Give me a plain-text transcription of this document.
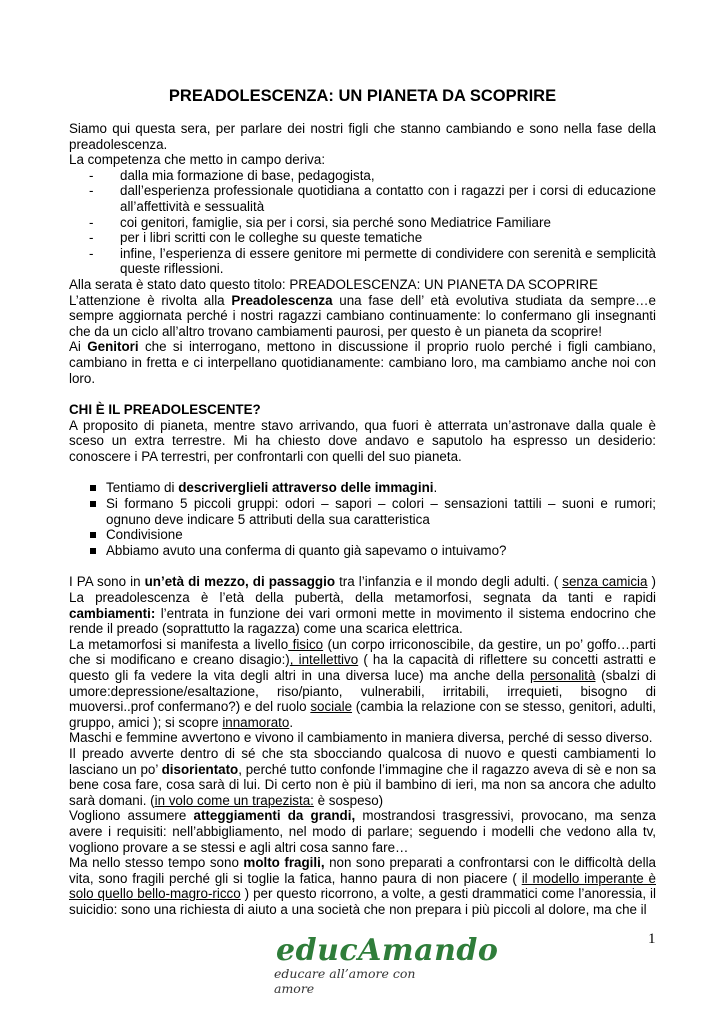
PREADOLESCENZA: UN PIANETA DA SCOPRIRE

Siamo qui questa sera, per parlare dei nostri figli che stanno cambiando e sono nella fase della preadolescenza.

La competenza che metto in campo deriva:

- dalla mia formazione di base, pedagogista,
- dall’esperienza professionale quotidiana a contatto con i ragazzi per i corsi di educazione all’affettività e sessualità
- coi genitori, famiglie, sia per i corsi, sia perché sono Mediatrice Familiare
- per i libri scritti con le colleghe su queste tematiche
- infine, l’esperienza di essere genitore mi permette di condividere con serenità e semplicità queste riflessioni.

Alla serata è stato dato questo titolo: PREADOLESCENZA: UN PIANETA DA SCOPRIRE

L’attenzione è rivolta alla Preadolescenza una fase dell’ età evolutiva studiata da sempre…e sempre aggiornata perché i nostri ragazzi cambiano continuamente: lo confermano gli insegnanti che da un ciclo all’altro trovano cambiamenti paurosi, per questo è un pianeta da scoprire!

Ai Genitori che si interrogano, mettono in discussione il proprio ruolo perché i figli cambiano, cambiano in fretta e ci interpellano quotidianamente: cambiano loro, ma cambiamo anche noi con loro.

CHI È IL PREADOLESCENTE?

A proposito di pianeta, mentre stavo arrivando, qua fuori è atterrata un’astronave dalla quale è sceso un extra terrestre. Mi ha chiesto dove andavo e saputolo ha espresso un desiderio: conoscere i PA terrestri, per confrontarli con quelli del suo pianeta.

Tentiamo di descriverglieli attraverso delle immagini.
Si formano 5 piccoli gruppi: odori – sapori – colori – sensazioni tattili – suoni e rumori; ognuno deve indicare 5 attributi della sua caratteristica
Condivisione
Abbiamo avuto una conferma di quanto già sapevamo o intuivamo?

I PA sono in un’età di mezzo, di passaggio tra l’infanzia e il mondo degli adulti. ( senza camicia ) La preadolescenza è l’età della pubertà, della metamorfosi, segnata da tanti e rapidi cambiamenti: l’entrata in funzione dei vari ormoni mette in movimento il sistema endocrino che rende il preado (soprattutto la ragazza) come una scarica elettrica.

La metamorfosi si manifesta a livello fisico (un corpo irriconoscibile, da gestire, un po’ goffo…parti che si modificano e creano disagio:), intellettivo ( ha la capacità di riflettere su concetti astratti e questo gli fa vedere la vita degli altri in una diversa luce) ma anche della personalità (sbalzi di umore:depressione/esaltazione, riso/pianto, vulnerabili, irritabili, irrequieti, bisogno di muoversi..prof confermano?) e del ruolo sociale (cambia la relazione con se stesso, genitori, adulti, gruppo, amici ); si scopre innamorato.

Maschi e femmine avvertono e vivono il cambiamento in maniera diversa, perché di sesso diverso.

Il preado avverte dentro di sé che sta sbocciando qualcosa di nuovo e questi cambiamenti lo lasciano un po’ disorientato, perché tutto confonde l’immagine che il ragazzo aveva di sè e non sa bene cosa fare, cosa sarà di lui. Di certo non è più il bambino di ieri, ma non sa ancora che adulto sarà domani. (in volo come un trapezista: è sospeso)

Vogliono assumere atteggiamenti da grandi, mostrandosi trasgressivi, provocano, ma senza avere i requisiti: nell’abbigliamento, nel modo di parlare; seguendo i modelli che vedono alla tv, vogliono provare a se stessi e agli altri cosa sanno fare…

Ma nello stesso tempo sono molto fragili, non sono preparati a confrontarsi con le difficoltà della vita, sono fragili perché gli si toglie la fatica, hanno paura di non piacere ( il modello imperante è solo quello bello-magro-ricco ) per questo ricorrono, a volte, a gesti drammatici come l’anoressia, il suicidio: sono una richiesta di aiuto a una società che non prepara i più piccoli al dolore, ma che il

1
educAmando
educare all’amore con amore
